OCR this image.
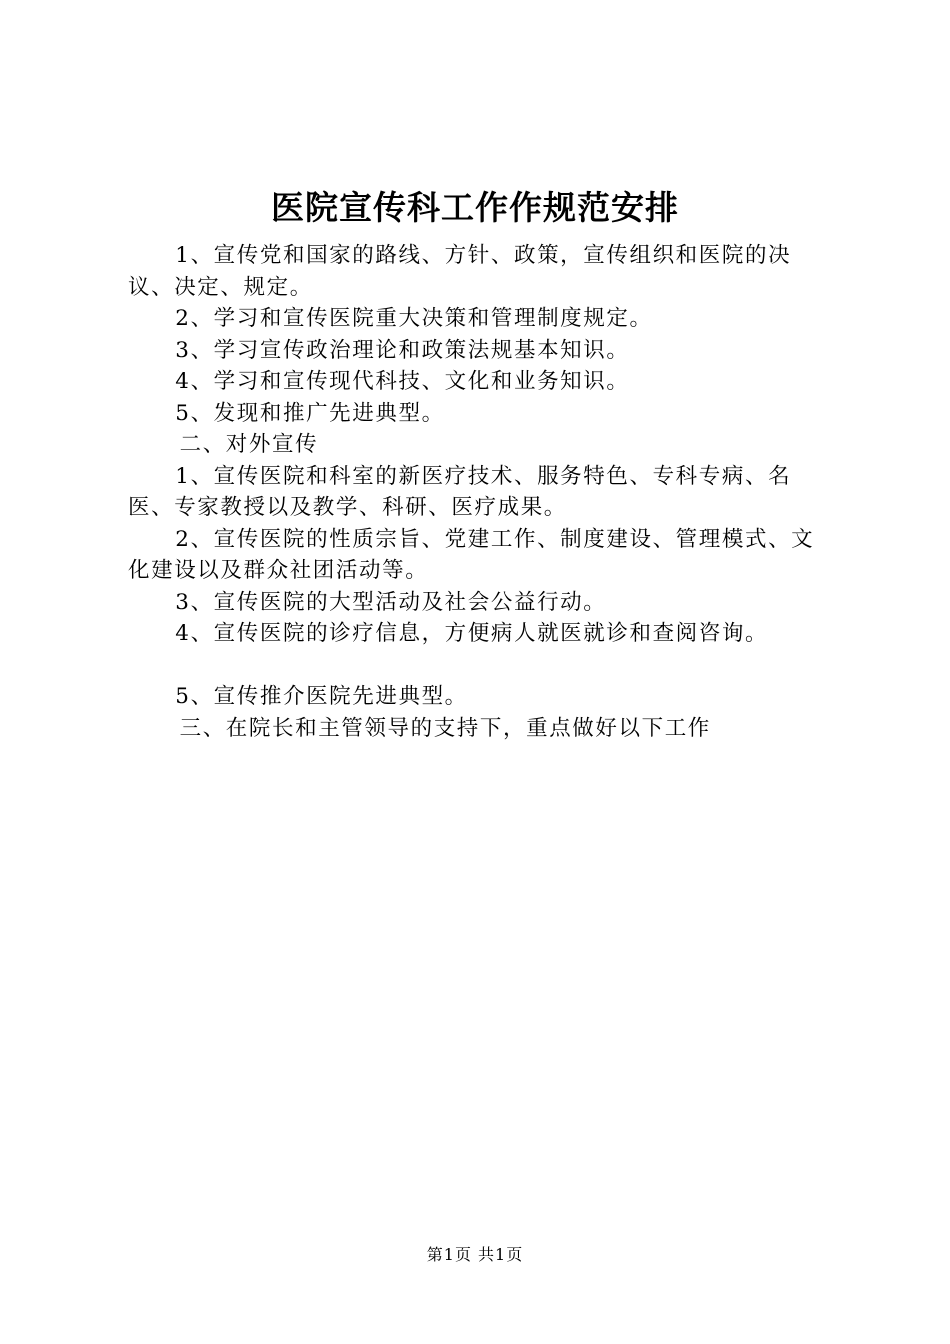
医院宣传科工作作规范安排

1、宣传党和国家的路线、方针、政策，宣传组织和医院的决议、决定、规定。

2、学习和宣传医院重大决策和管理制度规定。

3、学习宣传政治理论和政策法规基本知识。

4、学习和宣传现代科技、文化和业务知识。

5、发现和推广先进典型。

二、对外宣传

1、宣传医院和科室的新医疗技术、服务特色、专科专病、名医、专家教授以及教学、科研、医疗成果。

2、宣传医院的性质宗旨、党建工作、制度建设、管理模式、文化建设以及群众社团活动等。

3、宣传医院的大型活动及社会公益行动。

4、宣传医院的诊疗信息，方便病人就医就诊和查阅咨询。

5、宣传推介医院先进典型。

三、在院长和主管领导的支持下，重点做好以下工作

第1页 共1页
